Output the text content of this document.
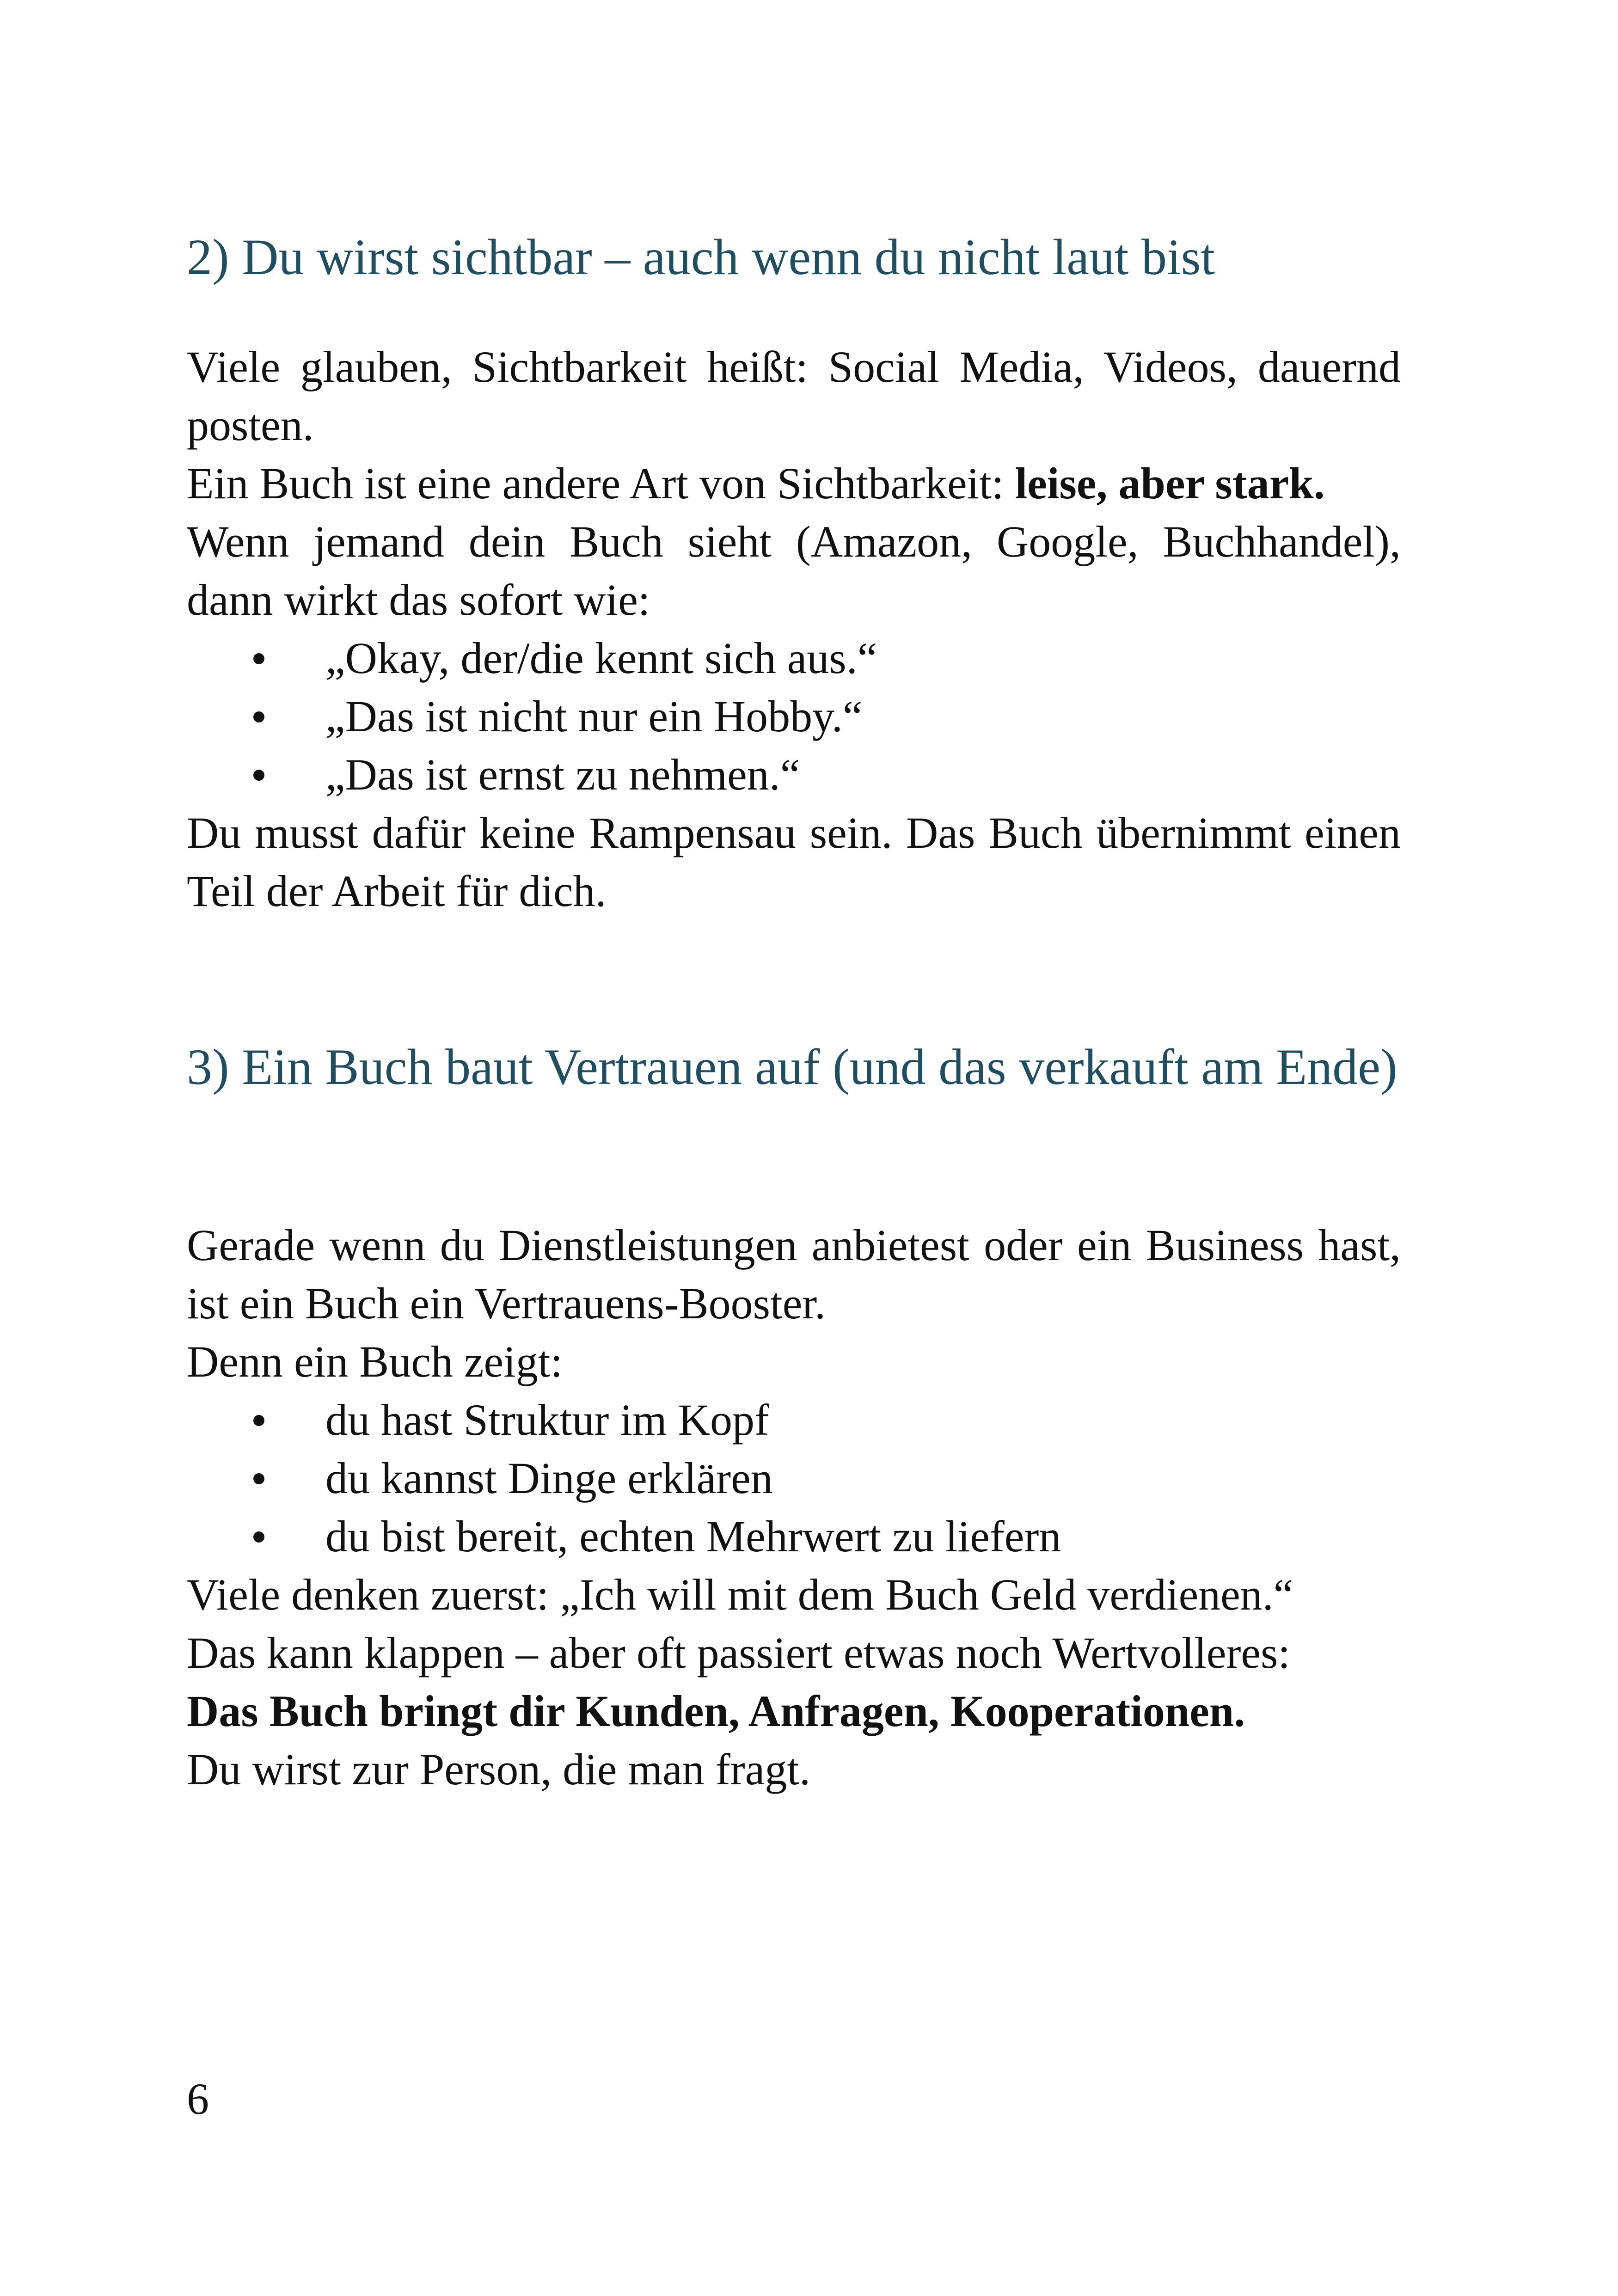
2) Du wirst sichtbar – auch wenn du nicht laut bist

Viele glauben, Sichtbarkeit heißt: Social Media, Videos, dauernd posten.

Ein Buch ist eine andere Art von Sichtbarkeit: leise, aber stark.

Wenn jemand dein Buch sieht (Amazon, Google, Buchhandel), dann wirkt das sofort wie:

„Okay, der/die kennt sich aus.“
„Das ist nicht nur ein Hobby.“
„Das ist ernst zu nehmen.“

Du musst dafür keine Rampensau sein. Das Buch übernimmt einen Teil der Arbeit für dich.

3) Ein Buch baut Vertrauen auf (und das verkauft am Ende)

Gerade wenn du Dienstleistungen anbietest oder ein Business hast, ist ein Buch ein Vertrauens-Booster.

Denn ein Buch zeigt:

du hast Struktur im Kopf
du kannst Dinge erklären
du bist bereit, echten Mehrwert zu liefern

Viele denken zuerst: „Ich will mit dem Buch Geld verdienen.“

Das kann klappen – aber oft passiert etwas noch Wertvolleres:

Das Buch bringt dir Kunden, Anfragen, Kooperationen.

Du wirst zur Person, die man fragt.

6
